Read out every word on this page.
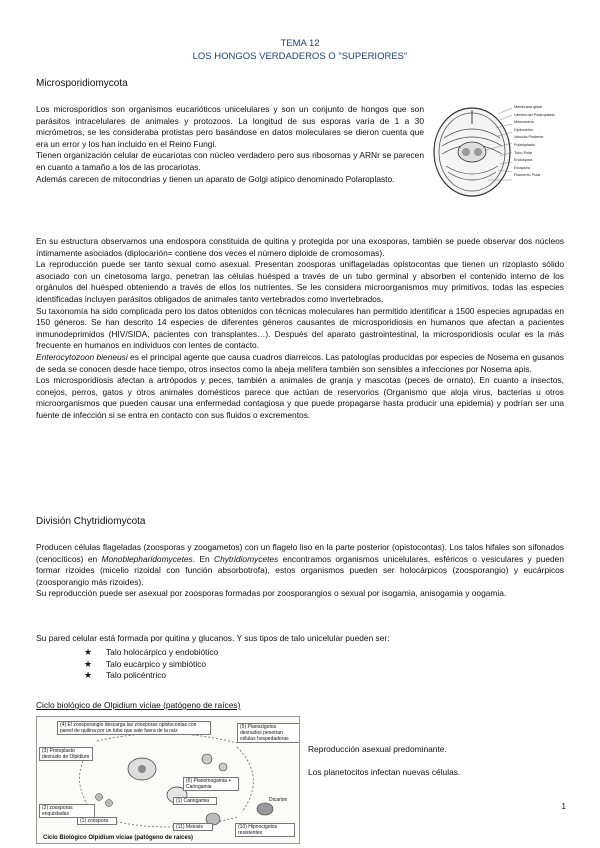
TEMA 12
LOS HONGOS VERDADEROS O "SUPERIORES"
Microsporidiomycota
Los microsporidios son organismos eucarióticos unicelulares y son un conjunto de hongos que son parásitos intracelulares de animales y protozoos. La longitud de sus esporas varía de 1 a 30 micrómetros, se les consideraba protistas pero basándose en datos moleculares se dieron cuenta que era un error y los han incluido en el Reino Fungi.
Tienen organización celular de eucariotas con núcleo verdadero pero sus ribosomas y ARNr se parecen en cuanto a tamaño a los de las procariotas.
Además carecen de mitocondrias y tienen un aparato de Golgi atípico denominado Polaroplasto.
Membrana glikal
Lamela del Polaroplasto
Mitocondria
Diplocarión
Vacuola Posterior
Polaroplasto
Tubo Polar
Endospora
Exospora
Filamento Polar
En su estructura observamos una endospora constituida de quitina y protegida por una exosporas, también se puede observar dos núcleos íntimamente asociados (diplocarión= contiene dos veces el número diploide de cromosomas).
La reproducción puede ser tanto sexual como asexual. Presentan zoosporas uniflageladas opistocontas que tienen un rizoplasto sólido asociado con un cinetosoma largo, penetran las células huésped a través de un tubo germinal y absorben el contenido interno de los orgánulos del huésped obteniendo a través de ellos los nutrientes. Se les considera microorganismos muy primitivos, todas las especies identificadas incluyen parásitos obligados de animales tanto vertebrados como invertebrados.
Su taxonomía ha sido complicada pero los datos obtenidos con técnicas moleculares han permitido identificar a 1500 especies agrupadas en 150 géneros. Se han descrito 14 especies de diferentes géneros causantes de microsporidiosis en humanos que afectan a pacientes inmunodeprimidos (HIV/SIDA, pacientes con transplantes…). Después del aparato gastrointestinal, la microsporidiosis ocular es la más frecuente en humanos en individuos con lentes de contacto.
Enterocytozoon bieneusi es el principal agente que causa cuadros diarreicos. Las patologías producidas por especies de Nosema en gusanos de seda se conocen desde hace tiempo, otros insectos como la abeja melífera también son sensibles a infecciones por Nosema apis.
Los microsporidiosis afectan a artrópodos y peces, también a animales de granja y mascotas (peces de ornato). En cuanto a insectos, conejos, perros, gatos y otros animales domésticos parece que actúan de reservorios (Organismo que aloja virus, bacterias u otros microorganismos que pueden causar una enfermedad contagiosa y que puede propagarse hasta producir una epidemia) y podrían ser una fuente de infección si se entra en contacto con sus fluidos o excrementos.
División Chytridiomycota
Producen células flageladas (zoosporas y zoogametos) con un flagelo liso en la parte posterior (opistocontas). Los talos hifales son sifonados (cenocíticos) en Monoblepharidomycetes. En Chytridiomycetes encontramos organismos unicelulares, esféricos o vesiculares y pueden formar rizoides (micelio rizoidal con función absorbotrofa), estos organismos pueden ser holocárpicos (zoosporangio) y eucárpicos (zoosporangio más rizoides).
Su reproducción puede ser asexual por zoosporas formadas por zoosporangios o sexual por isogamia, anisogamia y oogamia.
Su pared celular está formada por quitina y glucanos. Y sus tipos de talo unicelular pueden ser:
★ Talo holocárpico y endobiótico
★ Talo eucárpico y simbiótico
★ Talo policéntrico
Ciclo biológico de Olpidium viciae (patógeno de raíces)
(4) El zoosporangio descarga las zoosporas opistocontas con pared de quitina por un tubo que sale fuera de la raíz
(5) Planozigotos desnudos penetran células hospedadoras
(3) Protoplasto desnudo de Olpidium
(6) Planomogamia + Cariogamia
(2) zoosporas enquistadas
(1) Cariogamia
(1) zoospora
(11) Meiosis	(10) Hipnocigotos resistentes
Dicarion
Ciclo Biológico Olpidium viciae (patógeno de raíces)
Reproducción asexual predominante.
Los planetocitos infectan nuevas células.
1
